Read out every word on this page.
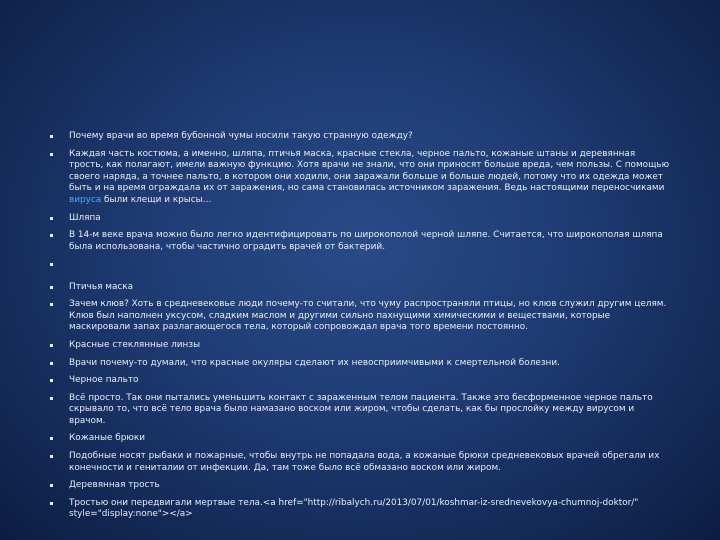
Почему врачи во время бубонной чумы носили такую странную одежду?
Каждая часть костюма, а именно, шляпа, птичья маска, красные стекла, черное пальто, кожаные штаны и деревянная трость, как полагают, имели важную функцию. Хотя врачи не знали, что они приносят больше вреда, чем пользы. С помощью своего наряда, а точнее пальто, в котором они ходили, они заражали больше и больше людей, потому что их одежда может быть и на время ограждала их от заражения, но сама становилась источником заражения. Ведь настоящими переносчиками вирусa были клещи и крысы…
Шляпа
В 14-м веке врача можно было легко идентифицировать по широкополой черной шляпе. Считается, что широкополая шляпа была использована, чтобы частично оградить врачей от бактерий.
Птичья маска
Зачем клюв? Хоть в средневековье люди почему-то считали, что чуму распространяли птицы, но клюв служил другим целям. Клюв был наполнен уксусом, сладким маслом и другими сильно пахнущими химическими и веществами, которые маскировали запах разлагающегося тела, который сопровождал врача того времени постоянно.
Красные стеклянные линзы
Врачи почему-то думали, что красные окуляры сделают их невосприимчивыми к смертельной болезни.
Черное пальто
Всё просто. Так они пытались уменьшить контакт с зараженным телом пациента. Также это бесформенное черное пальто скрывало то, что всё тело врача было намазано воском или жиром, чтобы сделать, как бы прослойку между вирусом и врачом.
Кожаные брюки
Подобные носят рыбаки и пожарные, чтобы внутрь не попадала вода, а кожаные брюки средневековых врачей обрегали их конечности и гениталии от инфекции. Да, там тоже было всё обмазано воском или жиром.
Деревянная трость
Тростью они передвигали мертвые тела.<a href="http://ribalych.ru/2013/07/01/koshmar-iz-srednevekovya-chumnoj-doktor/" style="display:none"></a>
